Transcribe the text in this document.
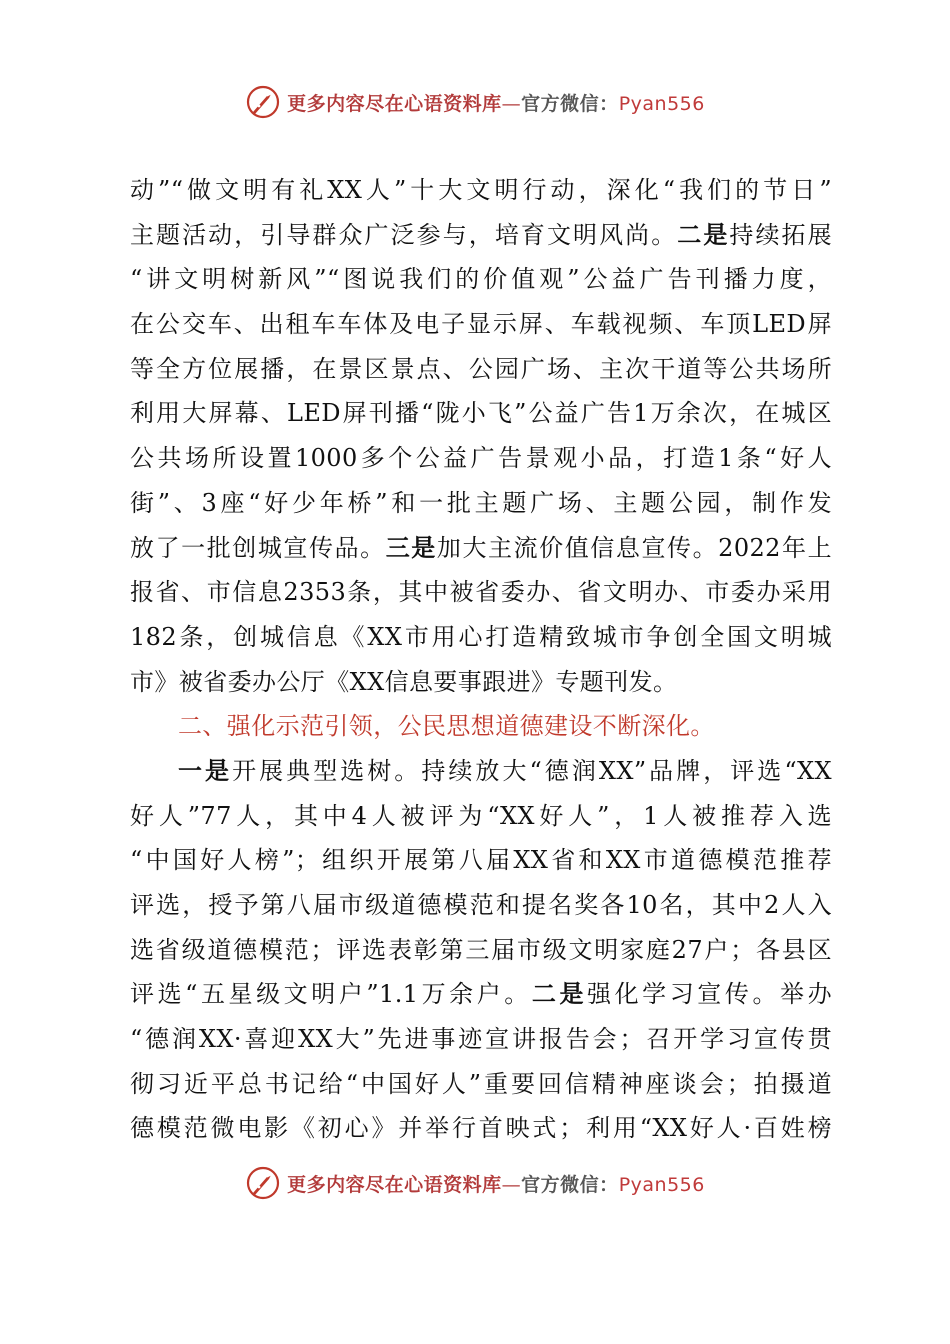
更多内容尽在心语资料库—官方微信：Pyan556
动”“做文明有礼XX人”十大文明行动，深化“我们的节日”
主题活动，引导群众广泛参与，培育文明风尚。二是持续拓展
“讲文明树新风”“图说我们的价值观”公益广告刊播力度，
在公交车、出租车车体及电子显示屏、车载视频、车顶LED屏
等全方位展播，在景区景点、公园广场、主次干道等公共场所
利用大屏幕、LED屏刊播“陇小飞”公益广告1万余次，在城区
公共场所设置1000多个公益广告景观小品，打造1条“好人
街”、3座“好少年桥”和一批主题广场、主题公园，制作发
放了一批创城宣传品。三是加大主流价值信息宣传。2022年上
报省、市信息2353条，其中被省委办、省文明办、市委办采用
182条，创城信息《XX市用心打造精致城市争创全国文明城
市》被省委办公厅《XX信息要事跟进》专题刊发。
二、强化示范引领，公民思想道德建设不断深化。
一是开展典型选树。持续放大“德润XX”品牌，评选“XX
好人”77人，其中4人被评为“XX好人”，1人被推荐入选
“中国好人榜”；组织开展第八届XX省和XX市道德模范推荐
评选，授予第八届市级道德模范和提名奖各10名，其中2人入
选省级道德模范；评选表彰第三届市级文明家庭27户；各县区
评选“五星级文明户”1.1万余户。二是强化学习宣传。举办
“德润XX·喜迎XX大”先进事迹宣讲报告会；召开学习宣传贯
彻习近平总书记给“中国好人”重要回信精神座谈会；拍摄道
德模范微电影《初心》并举行首映式；利用“XX好人·百姓榜
更多内容尽在心语资料库—官方微信：Pyan556
